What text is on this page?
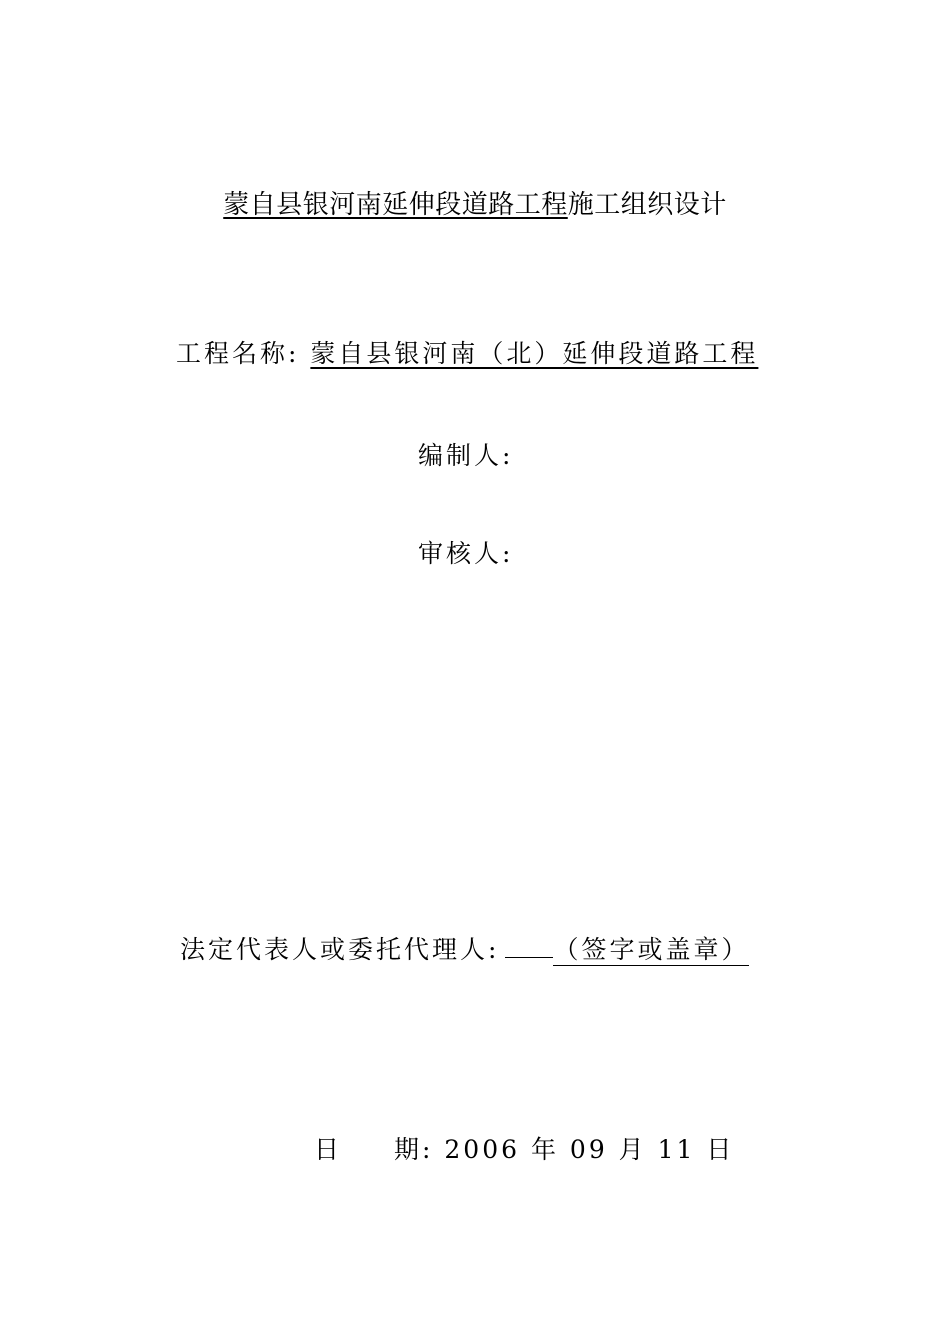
蒙自县银河南延伸段道路工程施工组织设计
工程名称: 蒙自县银河南（北）延伸段道路工程
编制人:
审核人:
法定代表人或委托代理人: （签字或盖章）
日 期: 2006 年 09 月 11 日
